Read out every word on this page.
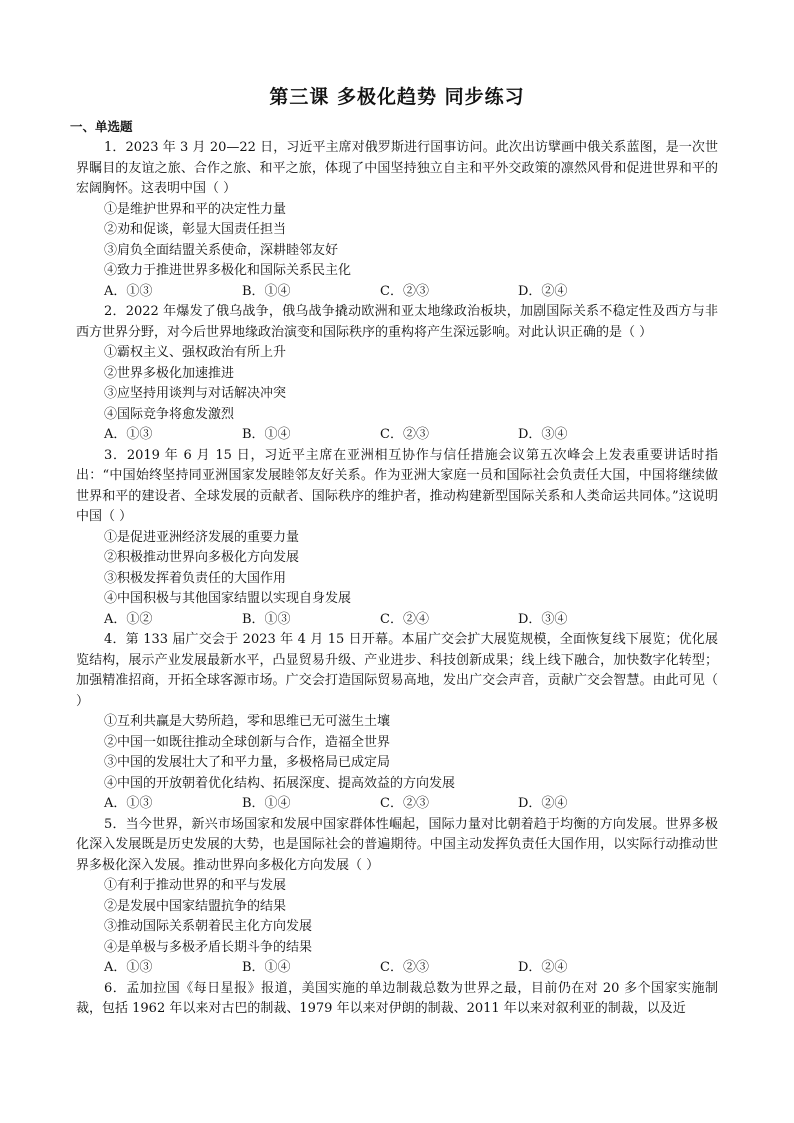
第三课 多极化趋势 同步练习
一、单选题

1．2023 年 3 月 20—22 日，习近平主席对俄罗斯进行国事访问。此次出访擘画中俄关系蓝图，是一次世界瞩目的友谊之旅、合作之旅、和平之旅，体现了中国坚持独立自主和平外交政策的凛然风骨和促进世界和平的宏阔胸怀。这表明中国（ ）

①是维护世界和平的决定性力量

②劝和促谈，彰显大国责任担当

③肩负全面结盟关系使命，深耕睦邻友好

④致力于推进世界多极化和国际关系民主化

A．①③	B．①④	C．②③	D．②④

2．2022 年爆发了俄乌战争，俄乌战争撬动欧洲和亚太地缘政治板块，加剧国际关系不稳定性及西方与非西方世界分野，对今后世界地缘政治演变和国际秩序的重构将产生深远影响。对此认识正确的是（ ）

①霸权主义、强权政治有所上升

②世界多极化加速推进

③应坚持用谈判与对话解决冲突

④国际竞争将愈发激烈

A．①③	B．①④	C．②③	D．③④

3．2019 年 6 月 15 日，习近平主席在亚洲相互协作与信任措施会议第五次峰会上发表重要讲话时指出：“中国始终坚持同亚洲国家发展睦邻友好关系。作为亚洲大家庭一员和国际社会负责任大国，中国将继续做世界和平的建设者、全球发展的贡献者、国际秩序的维护者，推动构建新型国际关系和人类命运共同体。”这说明中国（ ）

①是促进亚洲经济发展的重要力量

②积极推动世界向多极化方向发展

③积极发挥着负责任的大国作用

④中国积极与其他国家结盟以实现自身发展

A．①②	B．①③	C．②④	D．③④

4．第 133 届广交会于 2023 年 4 月 15 日开幕。本届广交会扩大展览规模，全面恢复线下展览；优化展览结构，展示产业发展最新水平，凸显贸易升级、产业进步、科技创新成果；线上线下融合，加快数字化转型；加强精准招商，开拓全球客源市场。广交会打造国际贸易高地，发出广交会声音，贡献广交会智慧。由此可见（ ）

①互利共赢是大势所趋，零和思维已无可滋生土壤

②中国一如既往推动全球创新与合作，造福全世界

③中国的发展壮大了和平力量，多极格局已成定局

④中国的开放朝着优化结构、拓展深度、提高效益的方向发展

A．①③	B．①④	C．②③	D．②④

5．当今世界，新兴市场国家和发展中国家群体性崛起，国际力量对比朝着趋于均衡的方向发展。世界多极化深入发展既是历史发展的大势，也是国际社会的普遍期待。中国主动发挥负责任大国作用，以实际行动推动世界多极化深入发展。推动世界向多极化方向发展（ ）

①有利于推动世界的和平与发展

②是发展中国家结盟抗争的结果

③推动国际关系朝着民主化方向发展

④是单极与多极矛盾长期斗争的结果

A．①③	B．①④	C．②③	D．②④

6．孟加拉国《每日星报》报道，美国实施的单边制裁总数为世界之最，目前仍在对 20 多个国家实施制裁，包括 1962 年以来对古巴的制裁、1979 年以来对伊朗的制裁、2011 年以来对叙利亚的制裁，以及近
